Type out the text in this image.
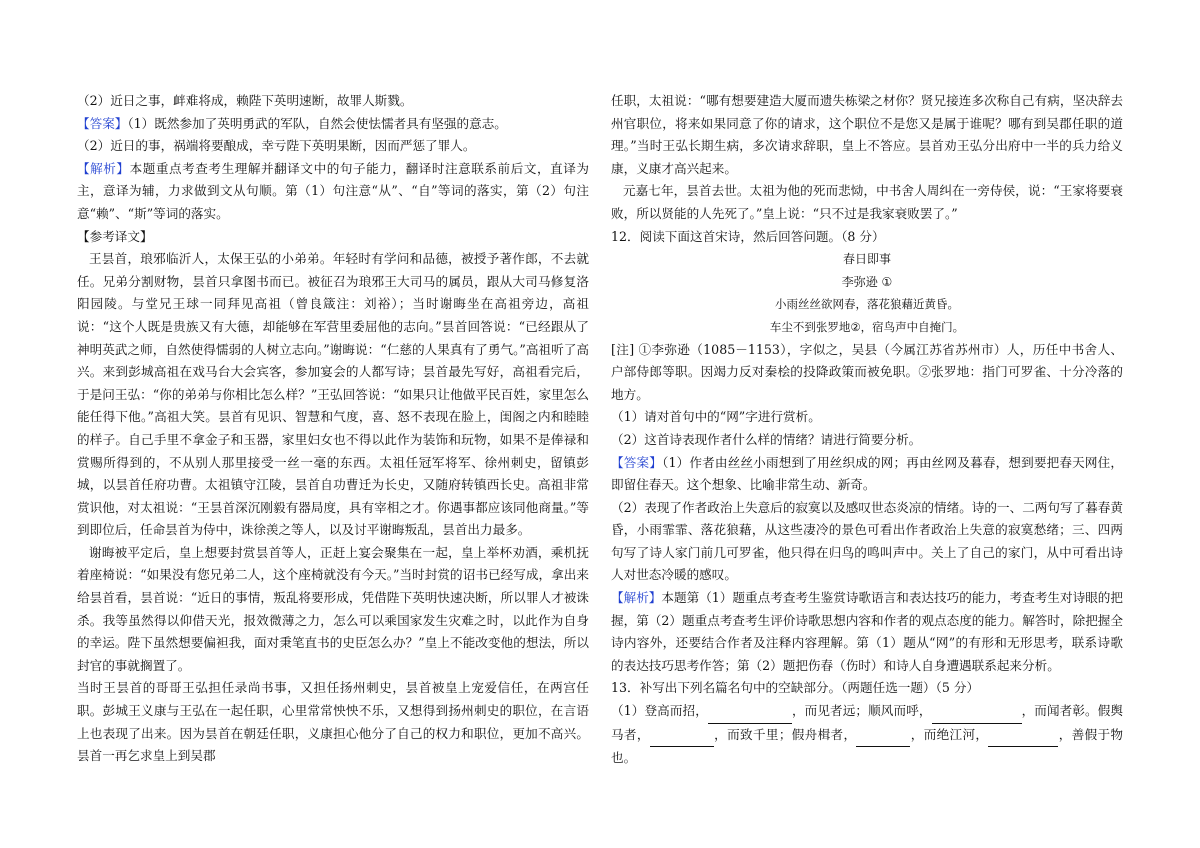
（2）近日之事，衅难将成，赖陛下英明速断，故罪人斯戮。

【答案】（1）既然参加了英明勇武的军队，自然会使怯懦者具有坚强的意志。

（2）近日的事，祸端将要酿成，幸亏陛下英明果断，因而严惩了罪人。

【解析】本题重点考查考生理解并翻译文中的句子能力，翻译时注意联系前后文，直译为主，意译为辅，力求做到文从句顺。第（1）句注意“从”、“自”等词的落实，第（2）句注意“赖”、“斯”等词的落实。

【参考译文】

王昙首，琅邪临沂人，太保王弘的小弟弟。年轻时有学问和品德，被授予著作郎，不去就任。兄弟分割财物，昙首只拿图书而已。被征召为琅邪王大司马的属员，跟从大司马修复洛阳园陵。与堂兄王球一同拜见高祖（曾良箴注：刘裕）；当时谢晦坐在高祖旁边，高祖说：“这个人既是贵族又有大德，却能够在军营里委屈他的志向。”昙首回答说：“已经跟从了神明英武之师，自然使得懦弱的人树立志向。”谢晦说：“仁慈的人果真有了勇气。”高祖听了高兴。来到彭城高祖在戏马台大会宾客，参加宴会的人都写诗；昙首最先写好，高祖看完后，于是问王弘：“你的弟弟与你相比怎么样？”王弘回答说：“如果只让他做平民百姓，家里怎么能任得下他。”高祖大笑。昙首有见识、智慧和气度，喜、怒不表现在脸上，闺阁之内和睦睦的样子。自己手里不拿金子和玉器，家里妇女也不得以此作为装饰和玩物，如果不是俸禄和赏赐所得到的，不从别人那里接受一丝一毫的东西。太祖任冠军将军、徐州刺史，留镇彭城，以昙首任府功曹。太祖镇守江陵，昙首自功曹迁为长史，又随府转镇西长史。高祖非常赏识他，对太祖说：“王昙首深沉刚毅有器局度，具有宰相之才。你遇事都应该同他商量。”等到即位后，任命昙首为侍中，诛徐羡之等人，以及讨平谢晦叛乱，昙首出力最多。

谢晦被平定后，皇上想要封赏昙首等人，正赶上宴会聚集在一起，皇上举杯劝酒，乘机抚着座椅说：“如果没有您兄弟二人，这个座椅就没有今天。”当时封赏的诏书已经写成，拿出来给昙首看，昙首说：“近日的事情，叛乱将要形成，凭借陛下英明快速决断，所以罪人才被诛杀。我等虽然得以仰借天光，报效微薄之力，怎么可以乘国家发生灾难之时，以此作为自身的幸运。陛下虽然想要偏袒我，面对秉笔直书的史臣怎么办？”皇上不能改变他的想法，所以封官的事就搁置了。

当时王昙首的哥哥王弘担任录尚书事，又担任扬州刺史，昙首被皇上宠爱信任，在两宫任职。彭城王义康与王弘在一起任职，心里常常怏怏不乐，又想得到扬州刺史的职位，在言语上也表现了出来。因为昙首在朝廷任职，义康担心他分了自己的权力和职位，更加不高兴。昙首一再乞求皇上到吴郡

任职，太祖说：“哪有想要建造大厦而遗失栋梁之材你？贤兄接连多次称自己有病，坚决辞去州官职位，将来如果同意了你的请求，这个职位不是您又是属于谁呢？哪有到吴郡任职的道理。”当时王弘长期生病，多次请求辞职，皇上不答应。昙首劝王弘分出府中一半的兵力给义康，义康才高兴起来。

元嘉七年，昙首去世。太祖为他的死而悲恸，中书舍人周纠在一旁侍侯，说：“王家将要衰败，所以贤能的人先死了。”皇上说：“只不过是我家衰败罢了。”

12．阅读下面这首宋诗，然后回答问题。（8 分）

春日即事

李弥逊 ①

小雨丝丝欲网春，落花狼藉近黄昏。

车尘不到张罗地②，宿鸟声中自掩门。

[注] ①李弥逊（1085－1153），字似之，吴县（今属江苏省苏州市）人，历任中书舍人、户部侍郎等职。因竭力反对秦桧的投降政策而被免职。②张罗地：指门可罗雀、十分冷落的地方。

（1）请对首句中的“网”字进行赏析。

（2）这首诗表现作者什么样的情绪？请进行简要分析。

【答案】（1）作者由丝丝小雨想到了用丝织成的网；再由丝网及暮春，想到要把春天网住，即留住春天。这个想象、比喻非常生动、新奇。

（2）表现了作者政治上失意后的寂寞以及感叹世态炎凉的情绪。诗的一、二两句写了暮春黄昏，小雨霏霏、落花狼藉，从这些凄冷的景色可看出作者政治上失意的寂寞愁绪；三、四两句写了诗人家门前几可罗雀，他只得在归鸟的鸣叫声中。关上了自己的家门，从中可看出诗人对世态冷暖的感叹。

【解析】本题第（1）题重点考查考生鉴赏诗歌语言和表达技巧的能力，考查考生对诗眼的把握，第（2）题重点考查考生评价诗歌思想内容和作者的观点态度的能力。解答时，除把握全诗内容外，还要结合作者及注释内容理解。第（1）题从“网”的有形和无形思考，联系诗歌的表达技巧思考作答；第（2）题把伤春（伤时）和诗人自身遭遇联系起来分析。

13．补写出下列名篇名句中的空缺部分。（两题任选一题）（5 分）

（1）登高而招，	，而见者远；顺风而呼，	，而闻者彰。假舆马者，	，而致千里；假舟楫者，	，而绝江河，	，善假于物也。
